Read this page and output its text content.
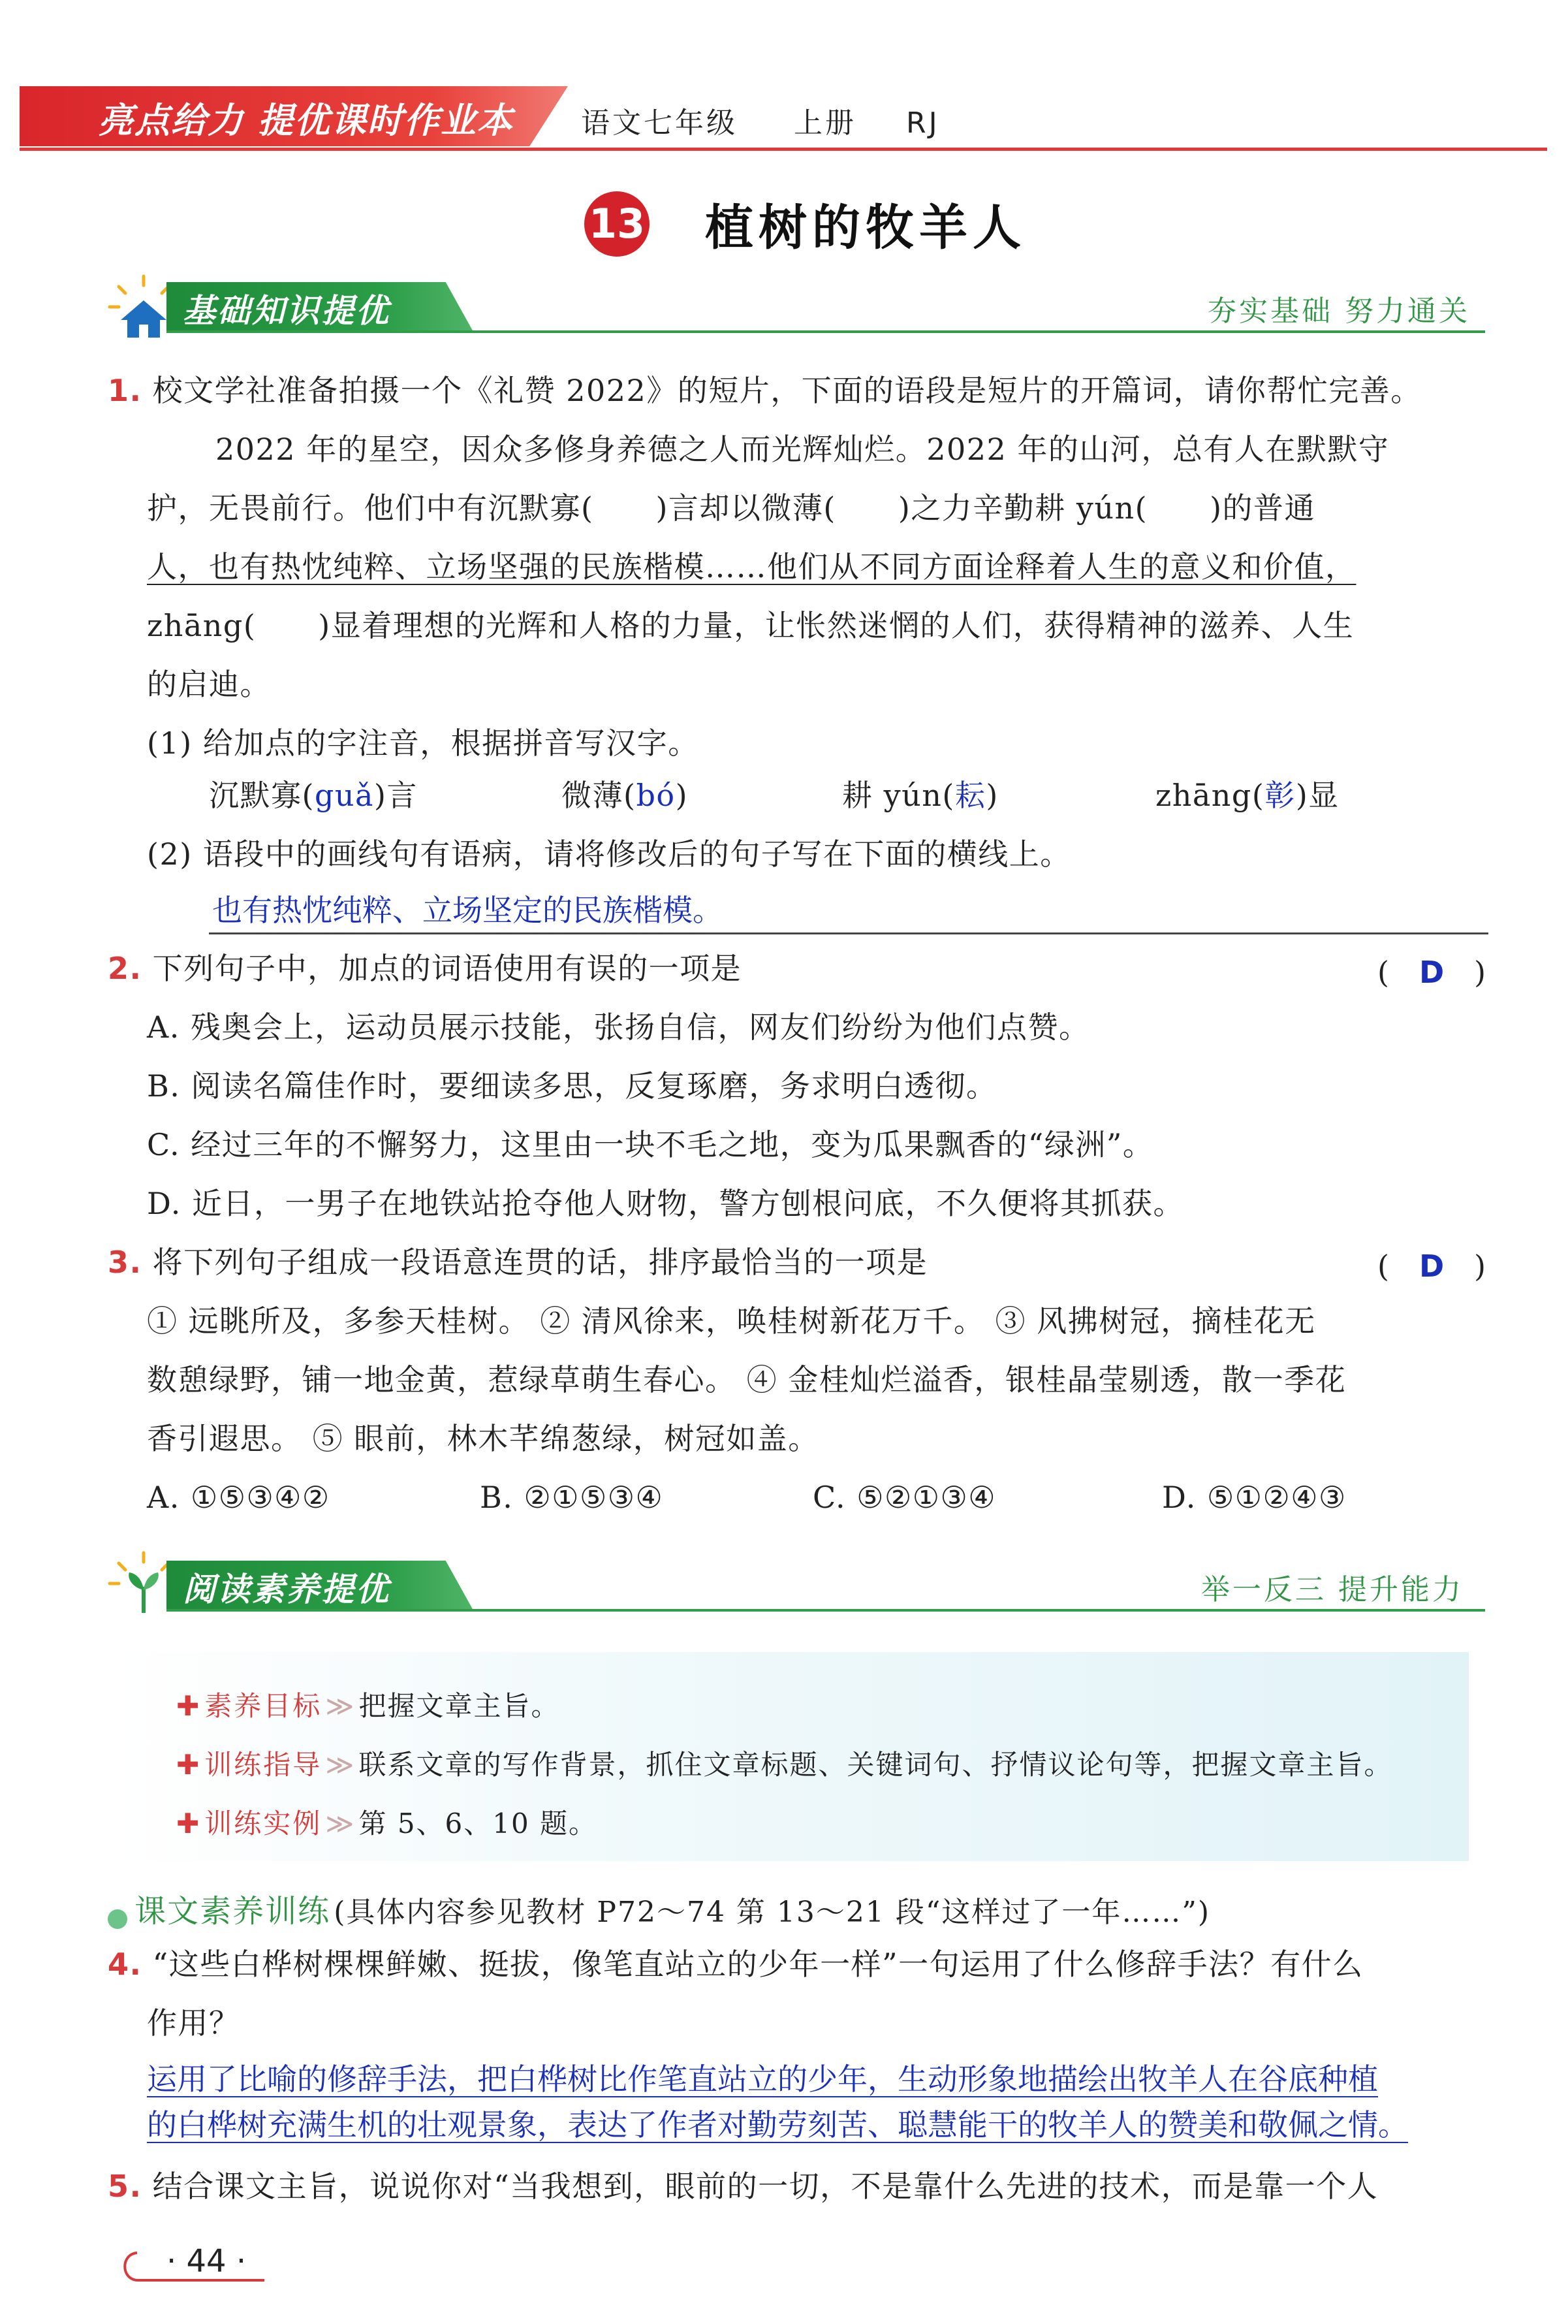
亮点给力 提优课时作业本 语文七年级 上册 RJ
13 植树的牧羊人
基础知识提优	夯实基础 努力通关
1. 校文学社准备拍摄一个《礼赞 2022》的短片，下面的语段是短片的开篇词，请你帮忙完善。
2022 年的星空，因众多修身养德之人而光辉灿烂。2022 年的山河，总有人在默默守
护，无畏前行。他们中有沉默寡(　　)言却以微薄(　　)之力辛勤耕 yún(　　)的普通
人，也有热忱纯粹、立场坚强的民族楷模……他们从不同方面诠释着人生的意义和价值，
zhāng(　　)显着理想的光辉和人格的力量，让怅然迷惘的人们，获得精神的滋养、人生
的启迪。
(1) 给加点的字注音，根据拼音写汉字。
沉默寡(guǎ)言	微薄(bó)	耕 yún(耘)	zhāng(彰)显
(2) 语段中的画线句有语病，请将修改后的句子写在下面的横线上。
也有热忱纯粹、立场坚定的民族楷模。
2. 下列句子中，加点的词语使用有误的一项是	(　D　)
A. 残奥会上，运动员展示技能，张扬自信，网友们纷纷为他们点赞。
B. 阅读名篇佳作时，要细读多思，反复琢磨，务求明白透彻。
C. 经过三年的不懈努力，这里由一块不毛之地，变为瓜果飘香的“绿洲”。
D. 近日，一男子在地铁站抢夺他人财物，警方刨根问底，不久便将其抓获。
3. 将下列句子组成一段语意连贯的话，排序最恰当的一项是	(　D　)
① 远眺所及，多参天桂树。 ② 清风徐来，唤桂树新花万千。 ③ 风拂树冠，摘桂花无
数憩绿野，铺一地金黄，惹绿草萌生春心。 ④ 金桂灿烂溢香，银桂晶莹剔透，散一季花
香引遐思。 ⑤ 眼前，林木芊绵葱绿，树冠如盖。
A. ①⑤③④②	B. ②①⑤③④	C. ⑤②①③④	D. ⑤①②④③
阅读素养提优	举一反三 提升能力
✚ 素养目标 ≫ 把握文章主旨。
✚ 训练指导 ≫ 联系文章的写作背景，抓住文章标题、关键词句、抒情议论句等，把握文章主旨。
✚ 训练实例 ≫ 第 5、6、10 题。
课文素养训练 (具体内容参见教材 P72～74 第 13～21 段“这样过了一年……”)
4. “这些白桦树棵棵鲜嫩、挺拔，像笔直站立的少年一样”一句运用了什么修辞手法？有什么
作用？
运用了比喻的修辞手法，把白桦树比作笔直站立的少年，生动形象地描绘出牧羊人在谷底种植
的白桦树充满生机的壮观景象，表达了作者对勤劳刻苦、聪慧能干的牧羊人的赞美和敬佩之情。
5. 结合课文主旨，说说你对“当我想到，眼前的一切，不是靠什么先进的技术，而是靠一个人
· 44 ·
